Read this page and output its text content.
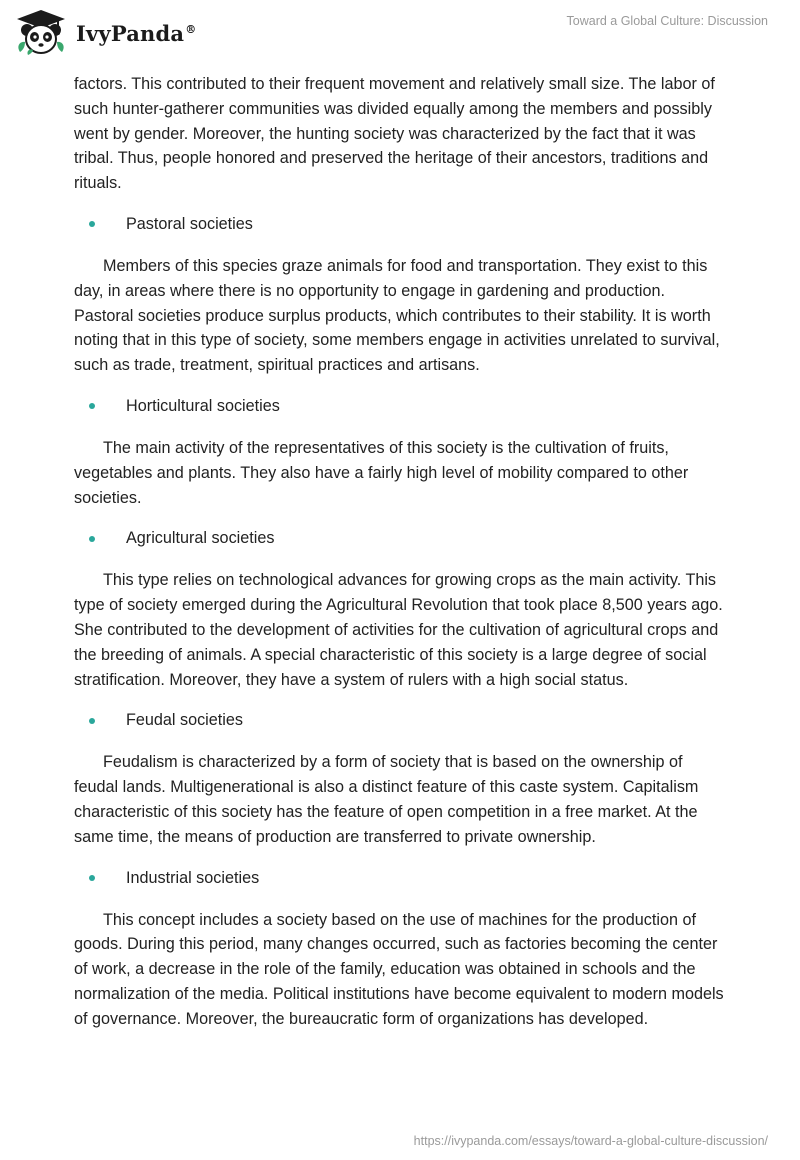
IvyPanda®
Toward a Global Culture: Discussion

factors. This contributed to their frequent movement and relatively small size. The labor of such hunter-gatherer communities was divided equally among the members and possibly went by gender. Moreover, the hunting society was characterized by the fact that it was tribal. Thus, people honored and preserved the heritage of their ancestors, traditions and rituals.

Pastoral societies

Members of this species graze animals for food and transportation. They exist to this day, in areas where there is no opportunity to engage in gardening and production. Pastoral societies produce surplus products, which contributes to their stability. It is worth noting that in this type of society, some members engage in activities unrelated to survival, such as trade, treatment, spiritual practices and artisans.

Horticultural societies

The main activity of the representatives of this society is the cultivation of fruits, vegetables and plants. They also have a fairly high level of mobility compared to other societies.

Agricultural societies

This type relies on technological advances for growing crops as the main activity. This type of society emerged during the Agricultural Revolution that took place 8,500 years ago. She contributed to the development of activities for the cultivation of agricultural crops and the breeding of animals. A special characteristic of this society is a large degree of social stratification. Moreover, they have a system of rulers with a high social status.

Feudal societies

Feudalism is characterized by a form of society that is based on the ownership of feudal lands. Multigenerational is also a distinct feature of this caste system. Capitalism characteristic of this society has the feature of open competition in a free market. At the same time, the means of production are transferred to private ownership.

Industrial societies

This concept includes a society based on the use of machines for the production of goods. During this period, many changes occurred, such as factories becoming the center of work, a decrease in the role of the family, education was obtained in schools and the normalization of the media. Political institutions have become equivalent to modern models of governance. Moreover, the bureaucratic form of organizations has developed.

https://ivypanda.com/essays/toward-a-global-culture-discussion/
